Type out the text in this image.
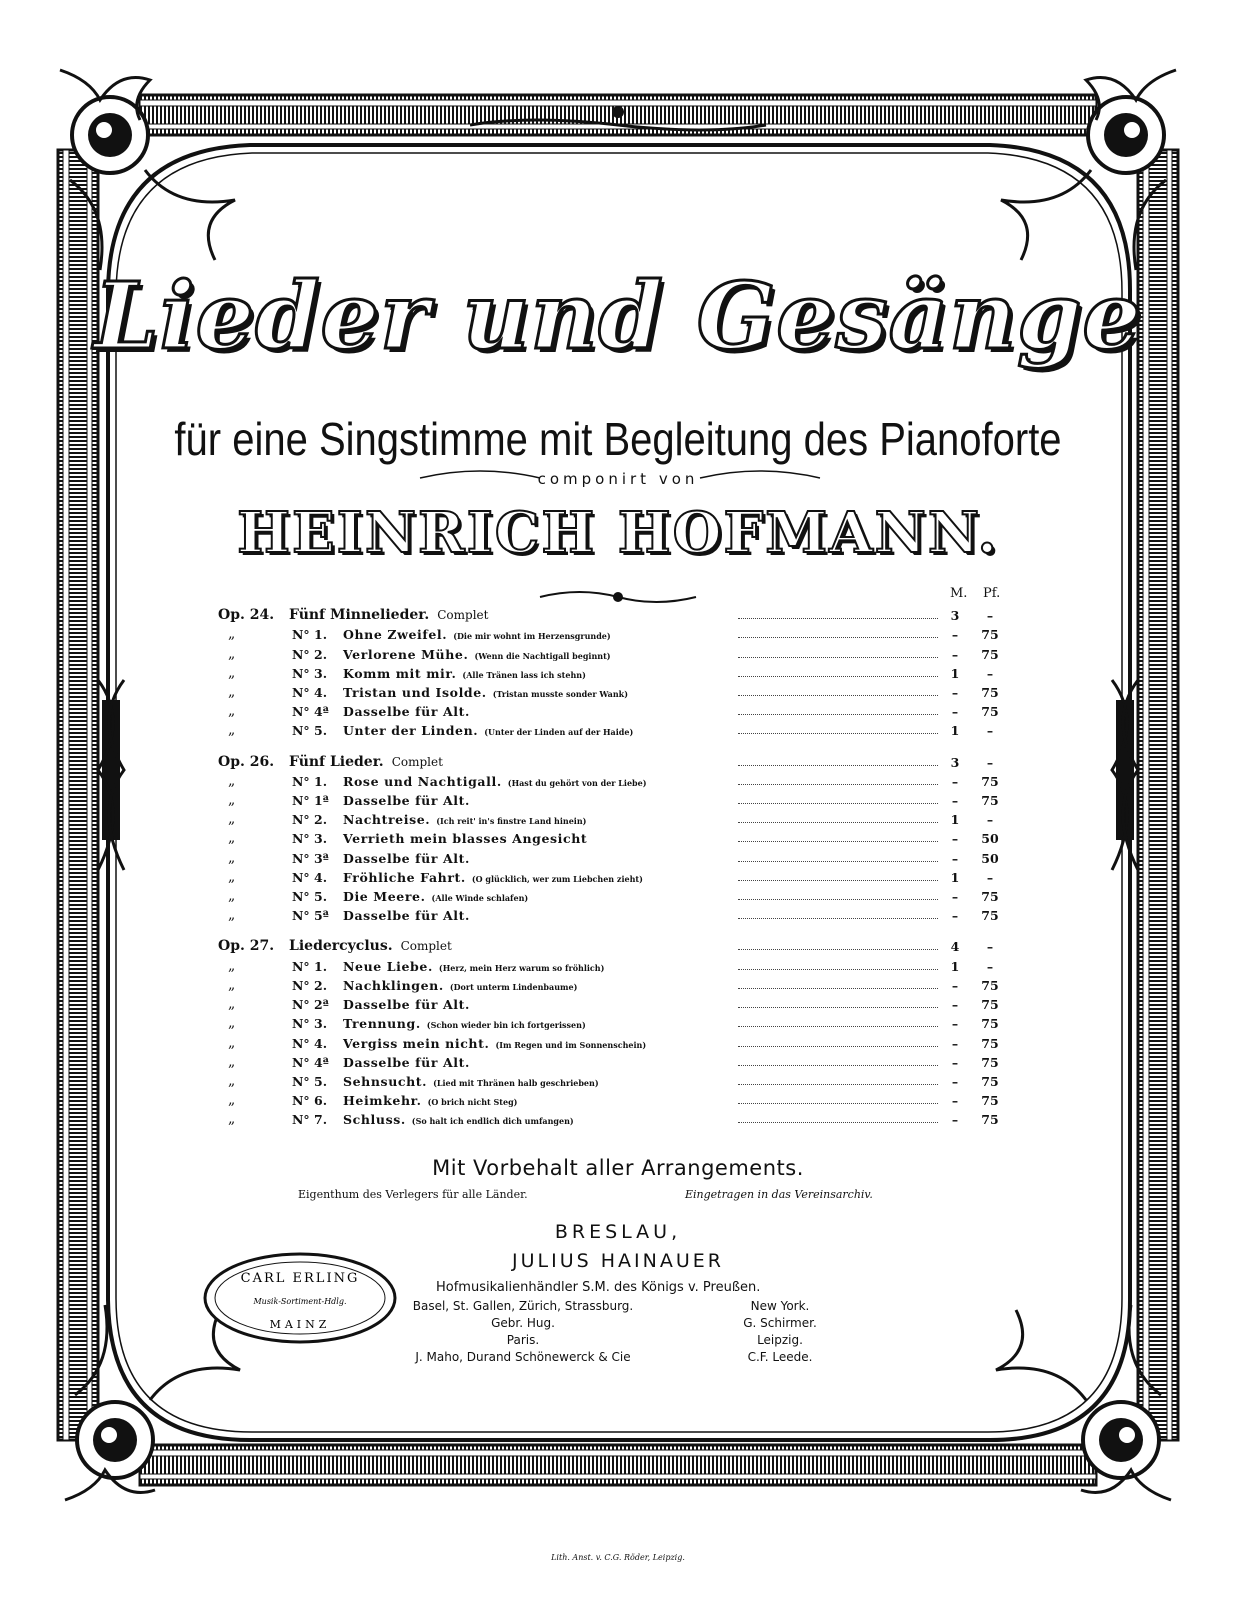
Lieder und Gesänge
für eine Singstimme mit Begleitung des Pianoforte
componirt von
HEINRICH HOFMANN.
M. Pf.
Op. 24.	Fünf Minnelieder. Complet	3	–
„	N° 1. Ohne Zweifel. (Die mir wohnt im Herzensgrunde)	–	75
„	N° 2. Verlorene Mühe. (Wenn die Nachtigall beginnt)	–	75
„	N° 3. Komm mit mir. (Alle Tränen lass ich stehn)	1	–
„	N° 4. Tristan und Isolde. (Tristan musste sonder Wank)	–	75
„	N° 4ª Dasselbe für Alt.	–	75
„	N° 5. Unter der Linden. (Unter der Linden auf der Haide)	1	–
Op. 26.	Fünf Lieder. Complet	3	–
„	N° 1. Rose und Nachtigall. (Hast du gehört von der Liebe)	–	75
„	N° 1ª Dasselbe für Alt.	–	75
„	N° 2. Nachtreise. (Ich reit' in's finstre Land hinein)	1	–
„	N° 3. Verrieth mein blasses Angesicht	–	50
„	N° 3ª Dasselbe für Alt.	–	50
„	N° 4. Fröhliche Fahrt. (O glücklich, wer zum Liebchen zieht)	1	–
„	N° 5. Die Meere. (Alle Winde schlafen)	–	75
„	N° 5ª Dasselbe für Alt.	–	75
Op. 27.	Liedercyclus. Complet	4	–
„	N° 1. Neue Liebe. (Herz, mein Herz warum so fröhlich)	1	–
„	N° 2. Nachklingen. (Dort unterm Lindenbaume)	–	75
„	N° 2ª Dasselbe für Alt.	–	75
„	N° 3. Trennung. (Schon wieder bin ich fortgerissen)	–	75
„	N° 4. Vergiss mein nicht. (Im Regen und im Sonnenschein)	–	75
„	N° 4ª Dasselbe für Alt.	–	75
„	N° 5. Sehnsucht. (Lied mit Thränen halb geschrieben)	–	75
„	N° 6. Heimkehr. (O brich nicht Steg)	–	75
„	N° 7. Schluss. (So halt ich endlich dich umfangen)	–	75
Mit Vorbehalt aller Arrangements.
Eigenthum des Verlegers für alle Länder.	Eingetragen in das Vereinsarchiv.
BRESLAU,
JULIUS HAINAUER
Hofmusikalienhändler S.M. des Königs v. Preußen.
Basel, St. Gallen, Zürich, Strassburg.
Gebr. Hug.
Paris.
J. Maho, Durand Schönewerck & Cie
New York.
G. Schirmer.
Leipzig.
C.F. Leede.
CARL ERLING
Musik-Sortiment-Hdlg.
MAINZ
Lith. Anst. v. C.G. Röder, Leipzig.
